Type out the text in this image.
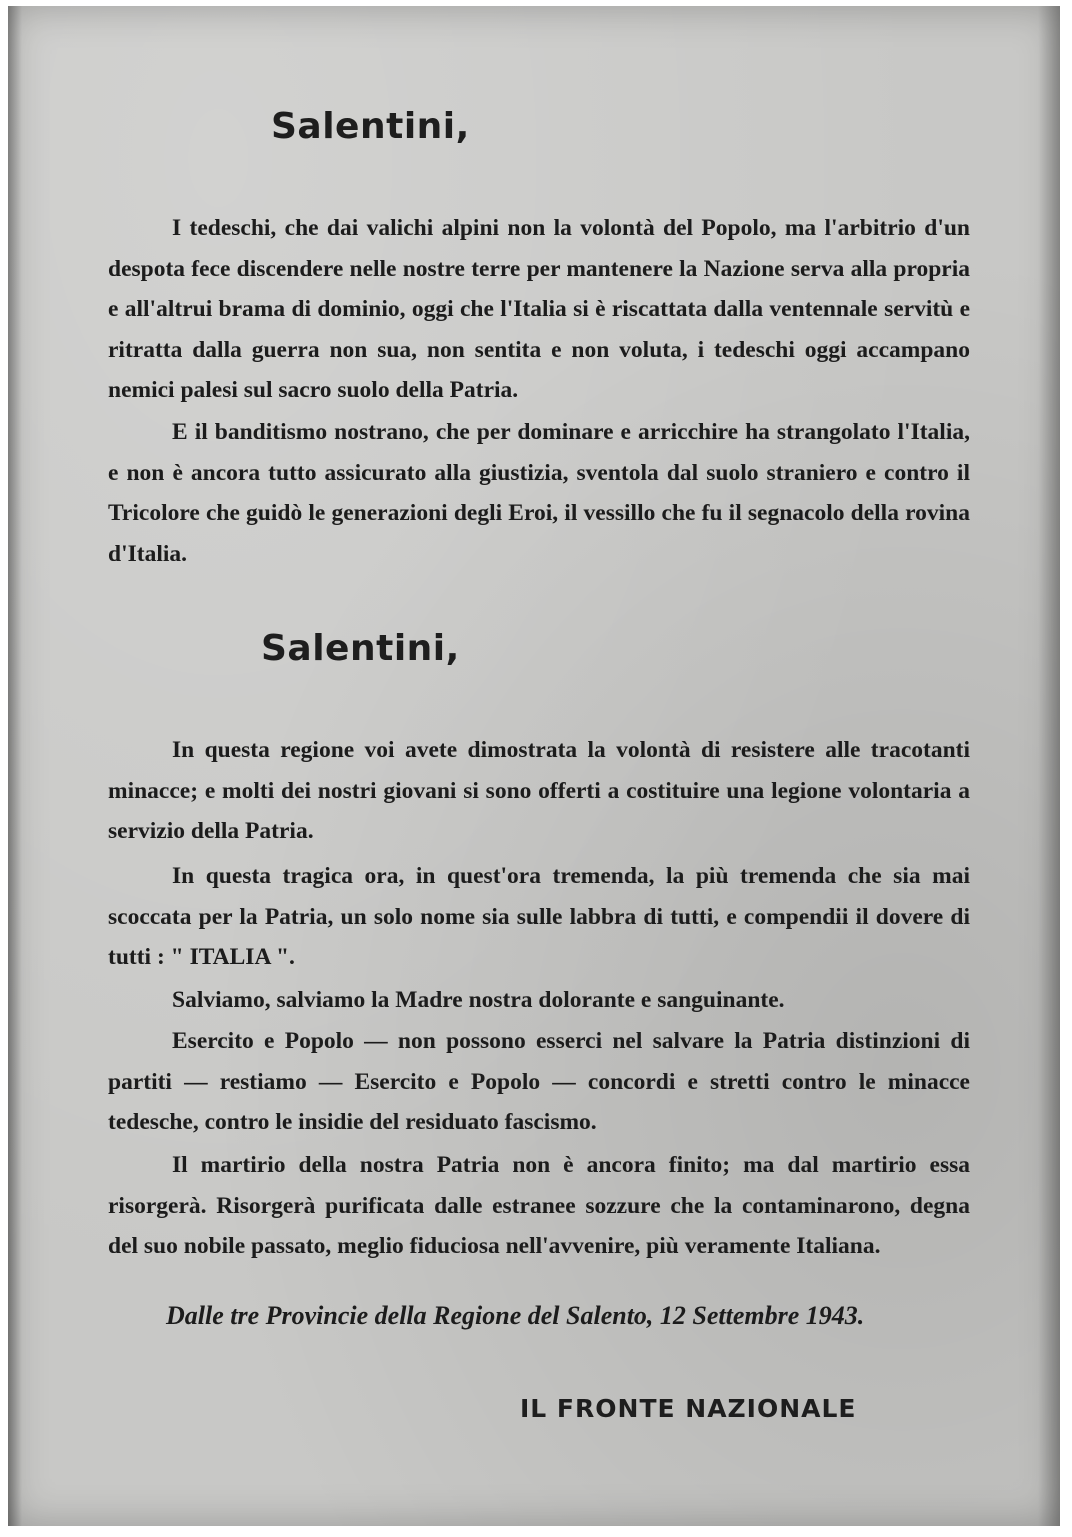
Salentini,

I tedeschi, che dai valichi alpini non la volontà del Popolo, ma l'arbitrio d'un despota fece discendere nelle nostre terre per mantenere la Nazione serva alla propria e all'altrui brama di dominio, oggi che l'Italia si è riscattata dalla ventennale servitù e ritratta dalla guerra non sua, non sentita e non voluta, i tedeschi oggi accampano nemici palesi sul sacro suolo della Patria.

E il banditismo nostrano, che per dominare e arricchire ha strangolato l'Italia, e non è ancora tutto assicurato alla giustizia, sventola dal suolo straniero e contro il Tricolore che guidò le generazioni degli Eroi, il vessillo che fu il segnacolo della rovina d'Italia.

Salentini,

In questa regione voi avete dimostrata la volontà di resistere alle tracotanti minacce; e molti dei nostri giovani si sono offerti a costituire una legione volontaria a servizio della Patria.

In questa tragica ora, in quest'ora tremenda, la più tremenda che sia mai scoccata per la Patria, un solo nome sia sulle labbra di tutti, e compendii il dovere di tutti : " ITALIA ".

Salviamo, salviamo la Madre nostra dolorante e sanguinante.

Esercito e Popolo — non possono esserci nel salvare la Patria distinzioni di partiti — restiamo — Esercito e Popolo — concordi e stretti contro le minacce tedesche, contro le insidie del residuato fascismo.

Il martirio della nostra Patria non è ancora finito; ma dal martirio essa risorgerà. Risorgerà purificata dalle estranee sozzure che la contaminarono, degna del suo nobile passato, meglio fiduciosa nell'avvenire, più veramente Italiana.

Dalle tre Provincie della Regione del Salento, 12 Settembre 1943.

IL FRONTE NAZIONALE
